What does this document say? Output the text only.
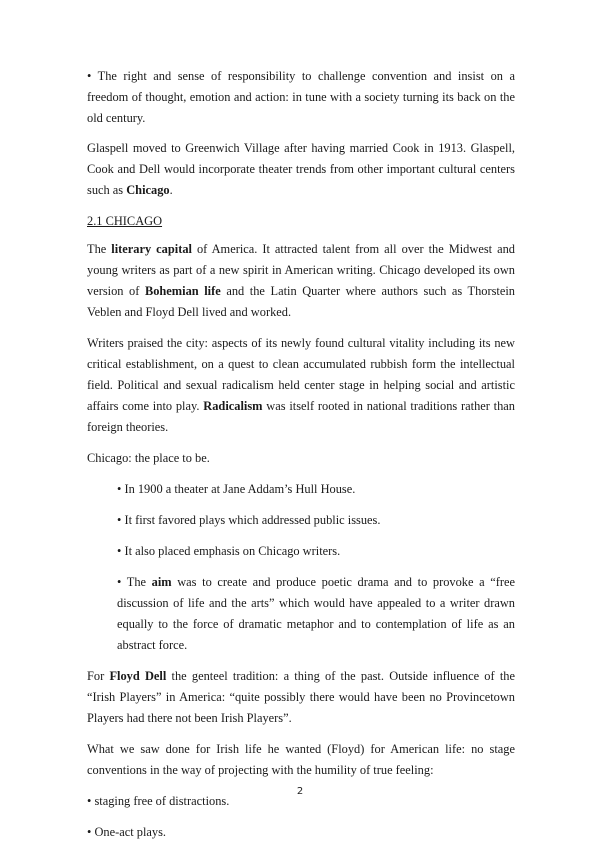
• The right and sense of responsibility to challenge convention and insist on a freedom of thought, emotion and action: in tune with a society turning its back on the old century.

Glaspell moved to Greenwich Village after having married Cook in 1913. Glaspell, Cook and Dell would incorporate theater trends from other important cultural centers such as Chicago.

2.1 CHICAGO

The literary capital of America. It attracted talent from all over the Midwest and young writers as part of a new spirit in American writing. Chicago developed its own version of Bohemian life and the Latin Quarter where authors such as Thorstein Veblen and Floyd Dell lived and worked.

Writers praised the city: aspects of its newly found cultural vitality including its new critical establishment, on a quest to clean accumulated rubbish form the intellectual field. Political and sexual radicalism held center stage in helping social and artistic affairs come into play. Radicalism was itself rooted in national traditions rather than foreign theories.

Chicago: the place to be.

• In 1900 a theater at Jane Addam’s Hull House.
• It first favored plays which addressed public issues.
• It also placed emphasis on Chicago writers.
• The aim was to create and produce poetic drama and to provoke a “free discussion of life and the arts” which would have appealed to a writer drawn equally to the force of dramatic metaphor and to contemplation of life as an abstract force.

For Floyd Dell the genteel tradition: a thing of the past. Outside influence of the “Irish Players” in America: “quite possibly there would have been no Provincetown Players had there not been Irish Players”.

What we saw done for Irish life he wanted (Floyd) for American life: no stage conventions in the way of projecting with the humility of true feeling:

• staging free of distractions.

• One-act plays.

2
